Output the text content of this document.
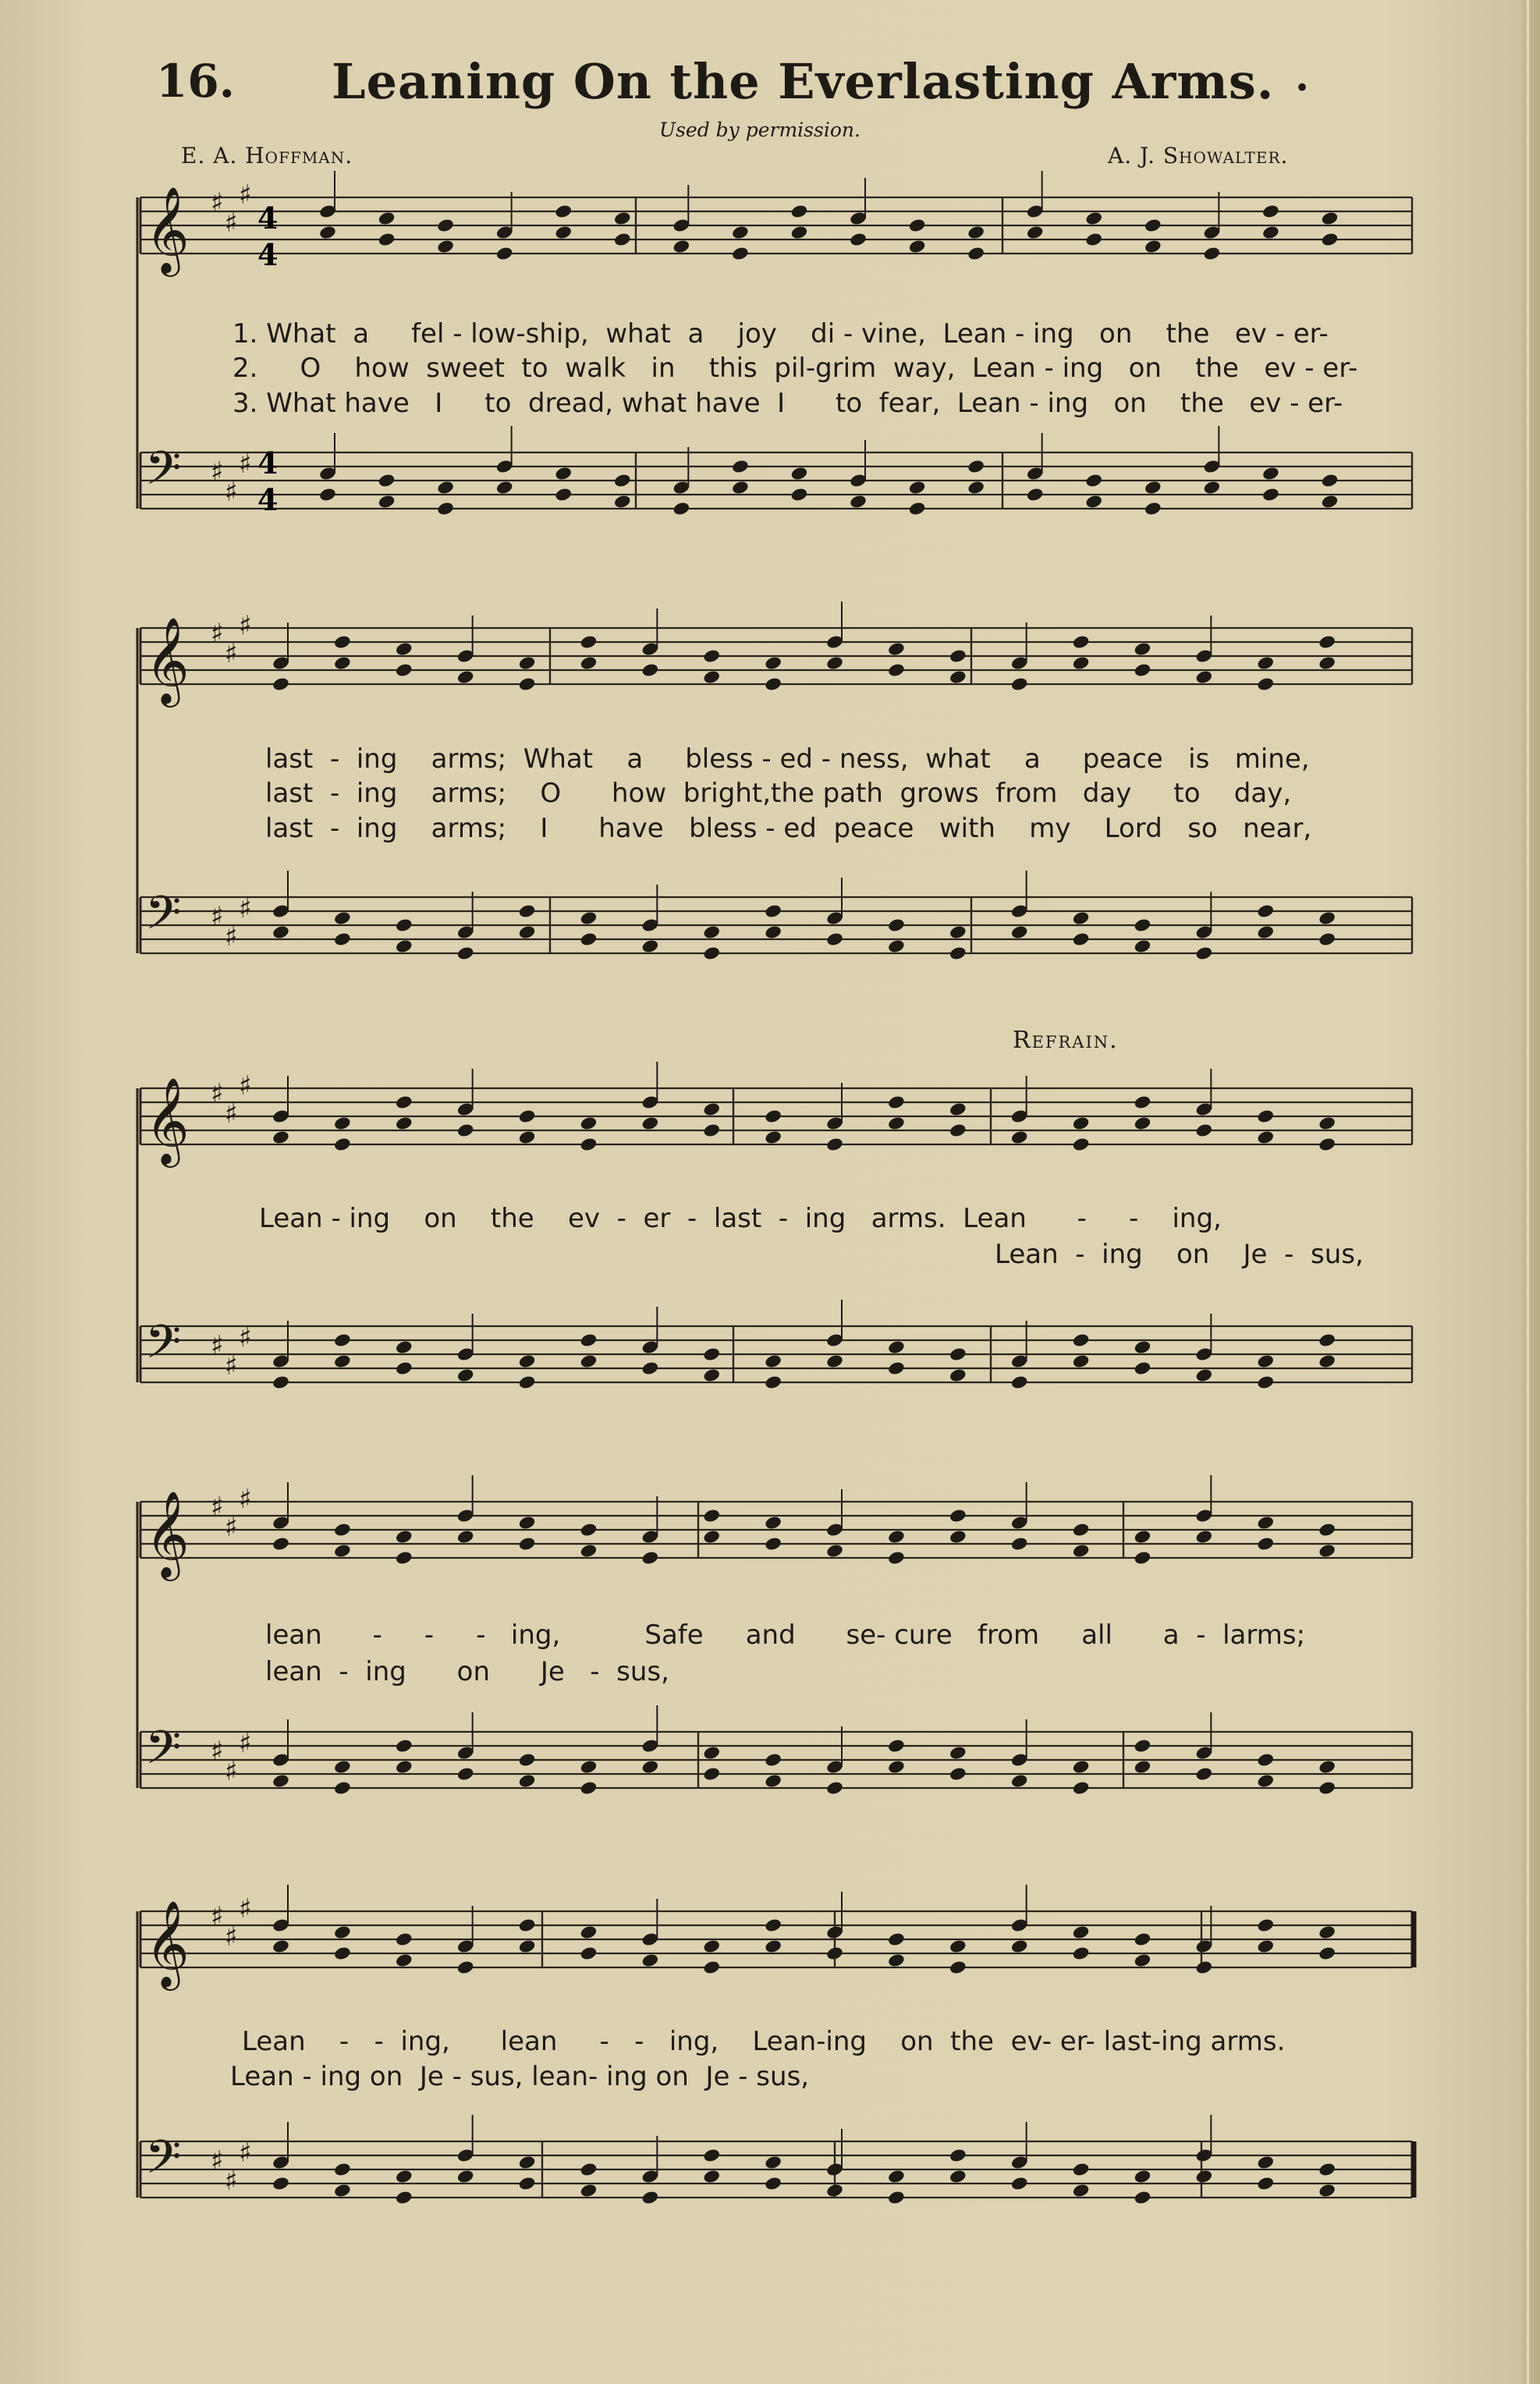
16. Leaning On the Everlasting Arms. .
Used by permission.
E. A. Hoffman.	A. J. Showalter.
Refrain.
𝄞 ♯
♯
♯
𝄢 ♯
♯
♯
𝄞 ♯
♯
♯
𝄢 ♯
♯
♯
𝄞 ♯
♯
♯
𝄢 ♯
♯
♯
𝄞 ♯
♯
♯
𝄢 ♯
♯
♯
𝄞 ♯
♯
♯
𝄢 ♯
♯
♯
4
4
4
4
1. What  a     fel - low-ship,  what  a    joy    di - vine,  Lean - ing   on    the   ev - er-
2.     O    how  sweet  to  walk   in    this  pil-grim  way,  Lean - ing   on    the   ev - er-
3. What have   I     to  dread, what have  I      to  fear,  Lean - ing   on    the   ev - er-
last  -  ing    arms;  What    a     bless - ed - ness,  what    a     peace   is   mine,
last  -  ing    arms;    O      how  bright,the path  grows  from   day     to    day,
last  -  ing    arms;    I      have   bless - ed  peace   with    my    Lord   so   near,
Lean - ing    on    the    ev  -  er  -  last  -  ing   arms.  Lean      -     -    ing,
Lean  -  ing    on    Je  -  sus,
lean      -     -     -   ing,          Safe     and      se- cure   from     all      a  -  larms;
lean  -  ing      on      Je   -  sus,
Lean    -   -  ing,      lean     -   -   ing,    Lean-ing    on  the  ev- er- last-ing arms.
Lean - ing on  Je - sus, lean- ing on  Je - sus,
